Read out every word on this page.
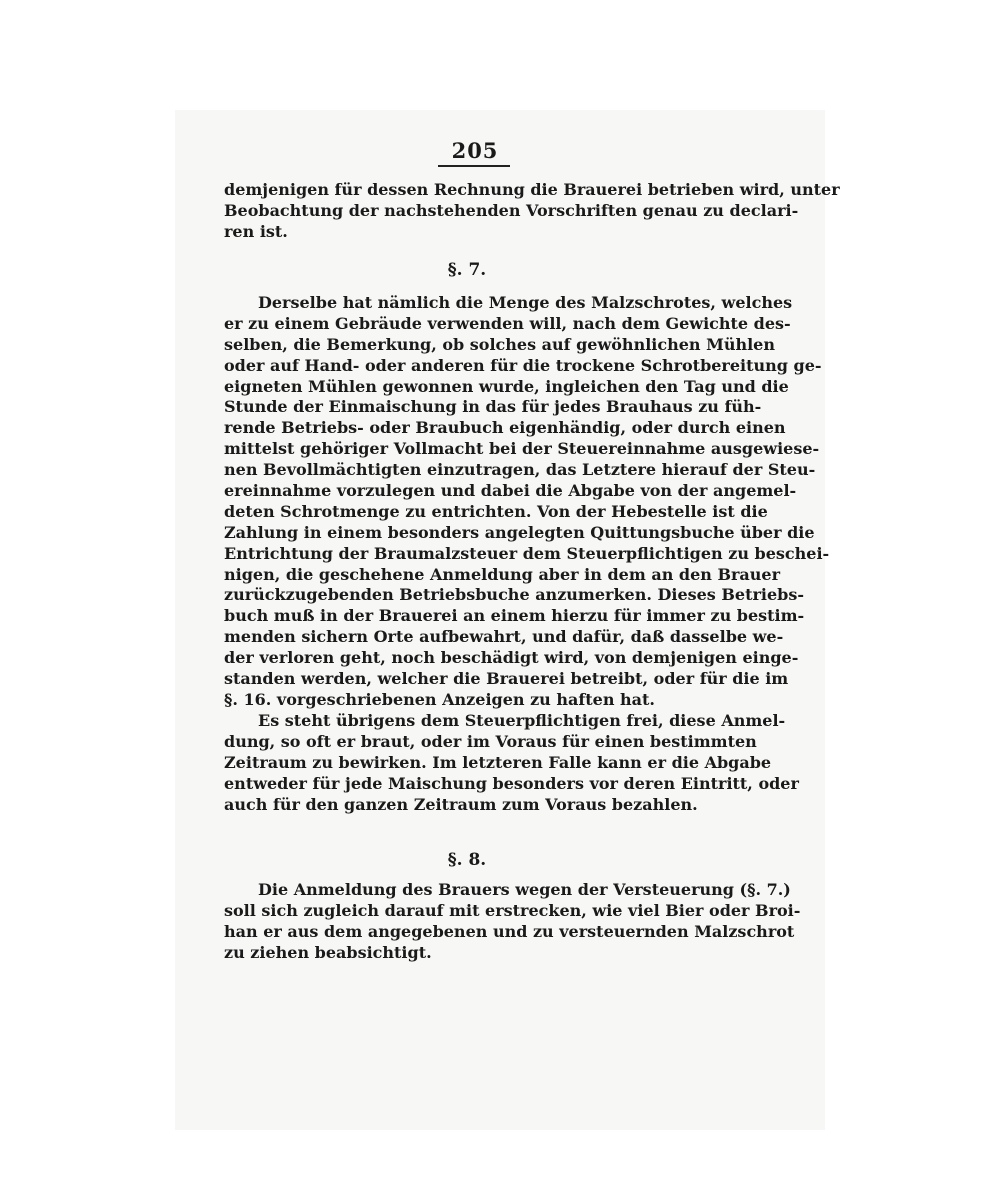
205
demjenigen für dessen Rechnung die Brauerei betrieben wird, unter
Beobachtung der nachstehenden Vorschriften genau zu declari-
ren ist.
§. 7.
Derselbe hat nämlich die Menge des Malzschrotes, welches
er zu einem Gebräude verwenden will, nach dem Gewichte des-
selben, die Bemerkung, ob solches auf gewöhnlichen Mühlen
oder auf Hand- oder anderen für die trockene Schrotbereitung ge-
eigneten Mühlen gewonnen wurde, ingleichen den Tag und die
Stunde der Einmaischung in das für jedes Brauhaus zu füh-
rende Betriebs- oder Braubuch eigenhändig, oder durch einen
mittelst gehöriger Vollmacht bei der Steuereinnahme ausgewiese-
nen Bevollmächtigten einzutragen, das Letztere hierauf der Steu-
ereinnahme vorzulegen und dabei die Abgabe von der angemel-
deten Schrotmenge zu entrichten. Von der Hebestelle ist die
Zahlung in einem besonders angelegten Quittungsbuche über die
Entrichtung der Braumalzsteuer dem Steuerpflichtigen zu beschei-
nigen, die geschehene Anmeldung aber in dem an den Brauer
zurückzugebenden Betriebsbuche anzumerken. Dieses Betriebs-
buch muß in der Brauerei an einem hierzu für immer zu bestim-
menden sichern Orte aufbewahrt, und dafür, daß dasselbe we-
der verloren geht, noch beschädigt wird, von demjenigen einge-
standen werden, welcher die Brauerei betreibt, oder für die im
§. 16. vorgeschriebenen Anzeigen zu haften hat.
Es steht übrigens dem Steuerpflichtigen frei, diese Anmel-
dung, so oft er braut, oder im Voraus für einen bestimmten
Zeitraum zu bewirken. Im letzteren Falle kann er die Abgabe
entweder für jede Maischung besonders vor deren Eintritt, oder
auch für den ganzen Zeitraum zum Voraus bezahlen.
§. 8.
Die Anmeldung des Brauers wegen der Versteuerung (§. 7.)
soll sich zugleich darauf mit erstrecken, wie viel Bier oder Broi-
han er aus dem angegebenen und zu versteuernden Malzschrot
zu ziehen beabsichtigt.
